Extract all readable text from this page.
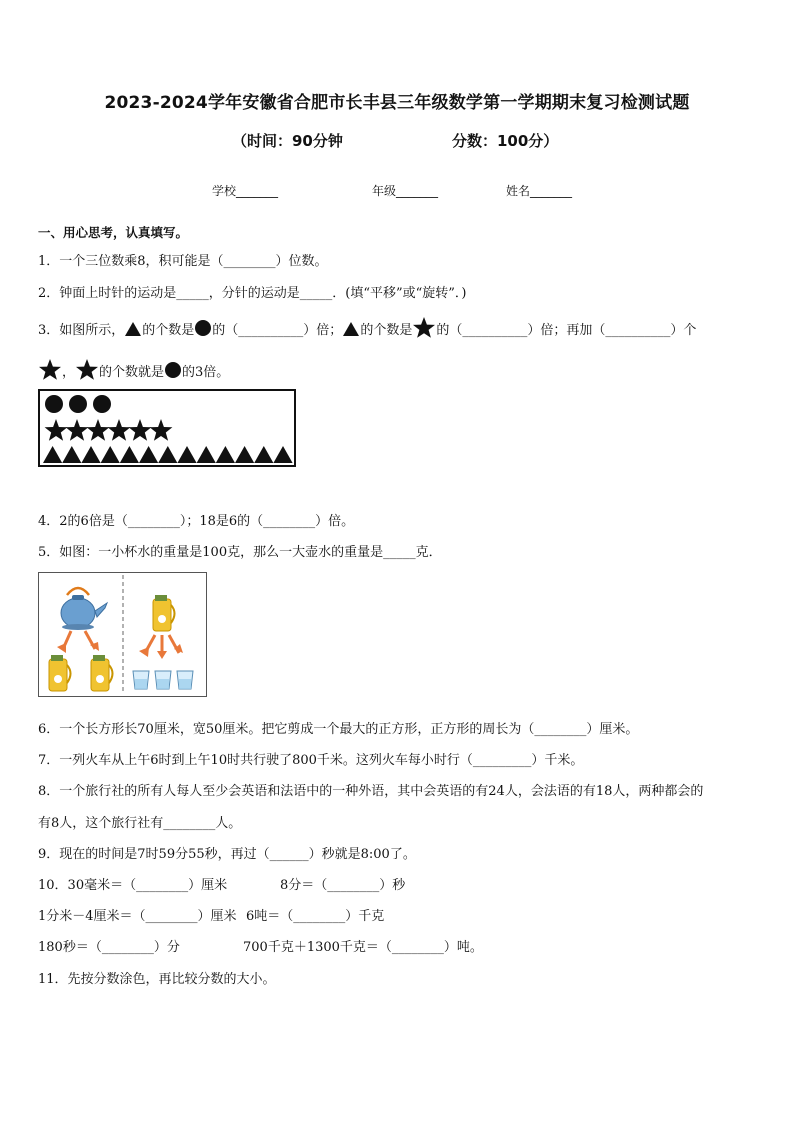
2023-2024学年安徽省合肥市长丰县三年级数学第一学期期末复习检测试题
（时间：90分钟	分数：100分）
学校_______	年级_______	姓名_______
一、用心思考，认真填写。
1．一个三位数乘8，积可能是（________）位数。
2．钟面上时针的运动是_____，分针的运动是_____．(填“平移”或“旋转”．)
3．如图所示， 的个数是 的（__________）倍； 的个数是 的（__________）倍；再加（__________）个
， 的个数就是 的3倍。
4．2的6倍是（________）；18是6的（________）倍。
5．如图：一小杯水的重量是100克，那么一大壶水的重量是_____克．
6．一个长方形长70厘米，宽50厘米。把它剪成一个最大的正方形，正方形的周长为（________）厘米。
7．一列火车从上午6时到上午10时共行驶了800千米。这列火车每小时行（_________）千米。
8．一个旅行社的所有人每人至少会英语和法语中的一种外语，其中会英语的有24人，会法语的有18人，两种都会的
有8人，这个旅行社有________人。
9．现在的时间是7时59分55秒，再过（______）秒就是8:00了。
10．30毫米＝（________）厘米	8分＝（________）秒
1分米－4厘米＝（________）厘米 6吨＝（________）千克
180秒＝（________）分	700千克＋1300千克＝（________）吨。
11．先按分数涂色，再比较分数的大小。
